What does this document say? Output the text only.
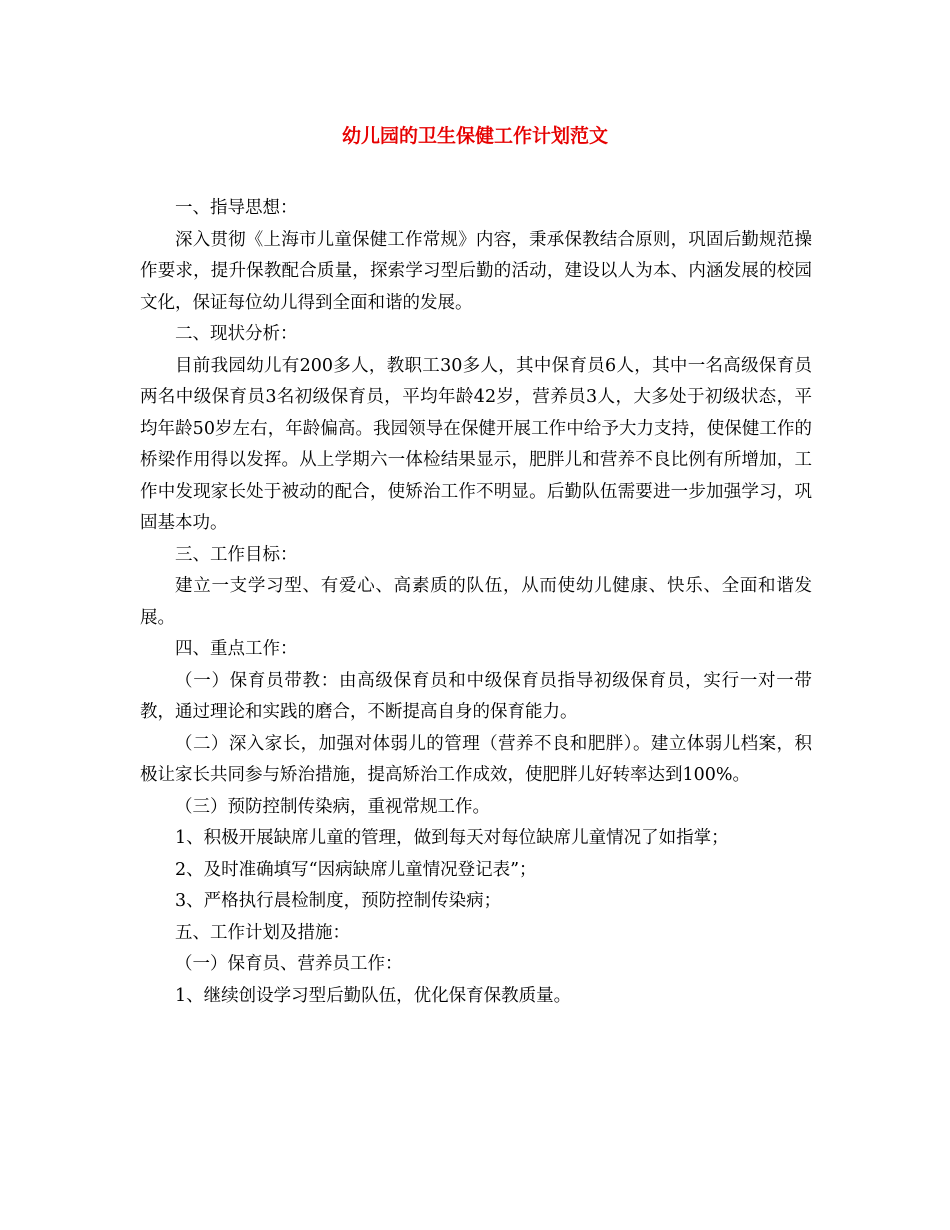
幼儿园的卫生保健工作计划范文

一、指导思想：

深入贯彻《上海市儿童保健工作常规》内容，秉承保教结合原则，巩固后勤规范操作要求，提升保教配合质量，探索学习型后勤的活动，建设以人为本、内涵发展的校园文化，保证每位幼儿得到全面和谐的发展。

二、现状分析：

目前我园幼儿有200多人，教职工30多人，其中保育员6人，其中一名高级保育员两名中级保育员3名初级保育员，平均年龄42岁，营养员3人，大多处于初级状态，平均年龄50岁左右，年龄偏高。我园领导在保健开展工作中给予大力支持，使保健工作的桥梁作用得以发挥。从上学期六一体检结果显示，肥胖儿和营养不良比例有所增加，工作中发现家长处于被动的配合，使矫治工作不明显。后勤队伍需要进一步加强学习，巩固基本功。

三、工作目标：

建立一支学习型、有爱心、高素质的队伍，从而使幼儿健康、快乐、全面和谐发展。

四、重点工作：

（一）保育员带教：由高级保育员和中级保育员指导初级保育员，实行一对一带教，通过理论和实践的磨合，不断提高自身的保育能力。

（二）深入家长，加强对体弱儿的管理（营养不良和肥胖）。建立体弱儿档案，积极让家长共同参与矫治措施，提高矫治工作成效，使肥胖儿好转率达到100%。

（三）预防控制传染病，重视常规工作。

1、积极开展缺席儿童的管理，做到每天对每位缺席儿童情况了如指掌；

2、及时准确填写“因病缺席儿童情况登记表”；

3、严格执行晨检制度，预防控制传染病；

五、工作计划及措施：

（一）保育员、营养员工作：

1、继续创设学习型后勤队伍，优化保育保教质量。
